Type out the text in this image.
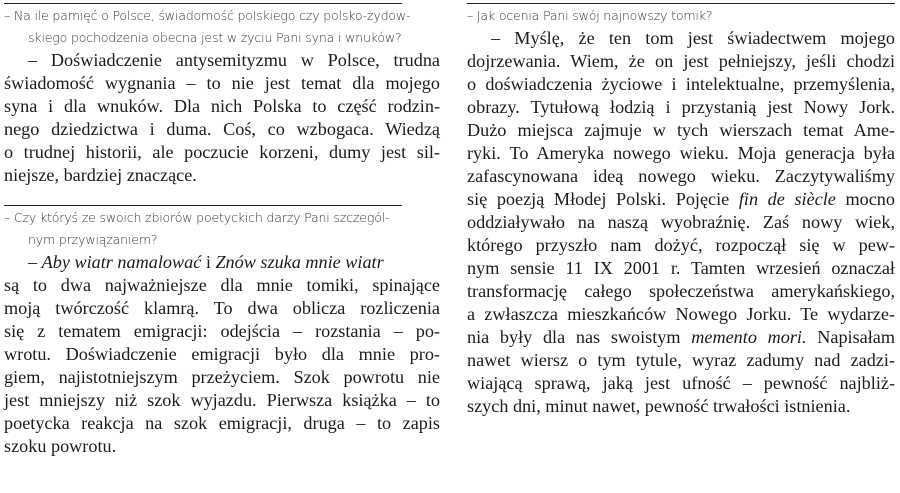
– Na ile pamięć o Polsce, świadomość polskiego czy polsko-żydow-
skiego pochodzenia obecna jest w życiu Pani syna i wnuków?
– Doświadczenie antysemityzmu w Polsce, trudna
świadomość wygnania – to nie jest temat dla mojego
syna i dla wnuków. Dla nich Polska to część rodzin-
nego dziedzictwa i duma. Coś, co wzbogaca. Wiedzą
o trudnej historii, ale poczucie korzeni, dumy jest sil-
niejsze, bardziej znaczące.
– Czy któryś ze swoich zbiorów poetyckich darzy Pani szczegól-
nym przywiązaniem?
– Aby wiatr namalować i Znów szuka mnie wiatr
są to dwa najważniejsze dla mnie tomiki, spinające
moją twórczość klamrą. To dwa oblicza rozliczenia
się z tematem emigracji: odejścia – rozstania – po-
wrotu. Doświadczenie emigracji było dla mnie pro-
giem, najistotniejszym przeżyciem. Szok powrotu nie
jest mniejszy niż szok wyjazdu. Pierwsza książka – to
poetycka reakcja na szok emigracji, druga – to zapis
szoku powrotu.
– Jak ocenia Pani swój najnowszy tomik?
– Myślę, że ten tom jest świadectwem mojego
dojrzewania. Wiem, że on jest pełniejszy, jeśli chodzi
o doświadczenia życiowe i intelektualne, przemyślenia,
obrazy. Tytułową łodzią i przystanią jest Nowy Jork.
Dużo miejsca zajmuje w tych wierszach temat Ame-
ryki. To Ameryka nowego wieku. Moja generacja była
zafascynowana ideą nowego wieku. Zaczytywaliśmy
się poezją Młodej Polski. Pojęcie fin de siècle mocno
oddziaływało na naszą wyobraźnię. Zaś nowy wiek,
którego przyszło nam dożyć, rozpoczął się w pew-
nym sensie 11 IX 2001 r. Tamten wrzesień oznaczał
transformację całego społeczeństwa amerykańskiego,
a zwłaszcza mieszkańców Nowego Jorku. Te wydarze-
nia były dla nas swoistym memento mori. Napisałam
nawet wiersz o tym tytule, wyraz zadumy nad zadzi-
wiającą sprawą, jaką jest ufność – pewność najbliż-
szych dni, minut nawet, pewność trwałości istnienia.
